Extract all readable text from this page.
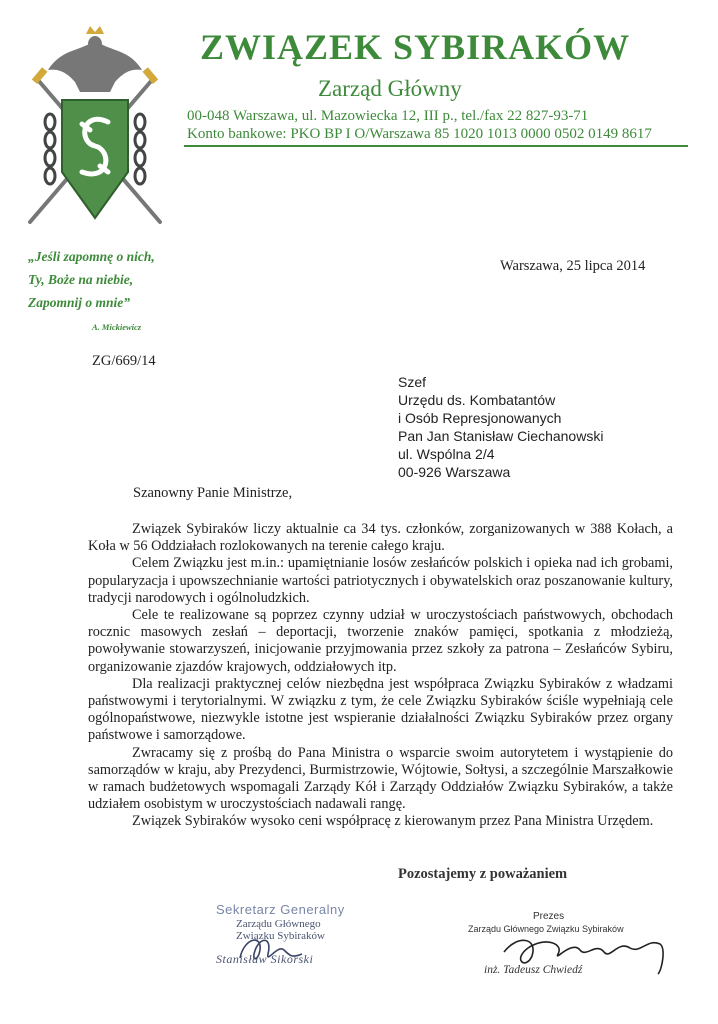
ZWIĄZEK SYBIRAKÓW
Zarząd Główny
00-048 Warszawa, ul. Mazowiecka 12, III p., tel./fax 22 827-93-71
Konto bankowe: PKO BP I O/Warszawa 85 1020 1013 0000 0502 0149 8617
„Jeśli zapomnę o nich,
Ty, Boże na niebie,
Zapomnij o mnie”
A. Mickiewicz
Warszawa, 25 lipca 2014
ZG/669/14
Szef
Urzędu ds. Kombatantów
i Osób Represjonowanych
Pan Jan Stanisław Ciechanowski
ul. Wspólna 2/4
00-926 Warszawa
Szanowny Panie Ministrze,

Związek Sybiraków liczy aktualnie ca 34 tys. członków, zorganizowanych w 388 Kołach, a Koła w 56 Oddziałach rozlokowanych na terenie całego kraju.

Celem Związku jest m.in.: upamiętnianie losów zesłańców polskich i opieka nad ich grobami, popularyzacja i upowszechnianie wartości patriotycznych i obywatelskich oraz poszanowanie kultury, tradycji narodowych i ogólnoludzkich.

Cele te realizowane są poprzez czynny udział w uroczystościach państwowych, obchodach rocznic masowych zesłań – deportacji, tworzenie znaków pamięci, spotkania z młodzieżą, powoływanie stowarzyszeń, inicjowanie przyjmowania przez szkoły za patrona – Zesłańców Sybiru, organizowanie zjazdów krajowych, oddziałowych itp.

Dla realizacji praktycznej celów niezbędna jest współpraca Związku Sybiraków z władzami państwowymi i terytorialnymi. W związku z tym, że cele Związku Sybiraków ściśle wypełniają cele ogólnopaństwowe, niezwykle istotne jest wspieranie działalności Związku Sybiraków przez organy państwowe i samorządowe.

Zwracamy się z prośbą do Pana Ministra o wsparcie swoim autorytetem i wystąpienie do samorządów w kraju, aby Prezydenci, Burmistrzowie, Wójtowie, Sołtysi, a szczególnie Marszałkowie w ramach budżetowych wspomagali Zarządy Kół i Zarządy Oddziałów Związku Sybiraków, a także udziałem osobistym w uroczystościach nadawali rangę.

Związek Sybiraków wysoko ceni współpracę z kierowanym przez Pana Ministra Urzędem.

Pozostajemy z poważaniem
Sekretarz Generalny
Zarządu Głównego
Związku Sybiraków
Stanisław Sikorski
Prezes
Zarządu Głównego Związku Sybiraków
inż. Tadeusz Chwiedź
